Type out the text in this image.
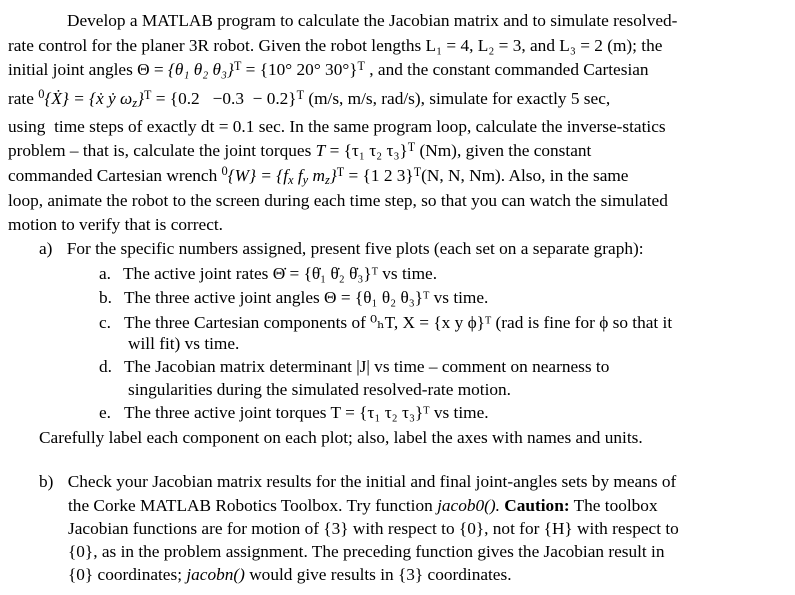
Develop a MATLAB program to calculate the Jacobian matrix and to simulate resolved-
rate control for the planer 3R robot. Given the robot lengths L₁ = 4, L₂ = 3, and L₃ = 2 (m); the
initial joint angles Θ = {θ₁ θ₂ θ₃}$^T$ = {10° 20° 30°}$^T$ , and the constant commanded Cartesian
rate $^0${Ẋ} = {ẋ ẏ $\omega z\}^T = \{0.2 -0.3 - 0.2\}^T$ (m/s, m/s, rad/s), simulate for exactly 5 sec,
using  time steps of exactly dt = 0.1 sec. In the same program loop, calculate the inverse-statics
problem – that is, calculate the joint torques T = {τ₁ τ₂ τ₃}$^T$ (Nm), given the constant
commanded Cartesian wrench $^0${W} = {fx fy mz}$^T$ = {1 2 3}$^T$(N, N, Nm). Also, in the same
loop, animate the robot to the screen during each time step, so that you can watch the simulated
motion to verify that is correct.
a) For the specific numbers assigned, present five plots (each set on a separate graph):
a. The active joint rates Θ̇ = {θ̇₁ θ̇₂ θ̇₃}ᵀ vs time.
b. The three active joint angles Θ = {θ₁ θ₂ θ₃}ᵀ vs time.
c. The three Cartesian components of ⁰ₕT, X = {x y ϕ}ᵀ (rad is fine for ϕ so that it
will fit) vs time.
d. The Jacobian matrix determinant |J| vs time – comment on nearness to
singularities during the simulated resolved-rate motion.
e. The three active joint torques T = {τ₁ τ₂ τ₃}ᵀ vs time.
Carefully label each component on each plot; also, label the axes with names and units.
b) Check your Jacobian matrix results for the initial and final joint-angles sets by means of
the Corke MATLAB Robotics Toolbox. Try function jacob0(). Caution: The toolbox
Jacobian functions are for motion of {3} with respect to {0}, not for {H} with respect to
{0}, as in the problem assignment. The preceding function gives the Jacobian result in
{0} coordinates; jacobn() would give results in {3} coordinates.
